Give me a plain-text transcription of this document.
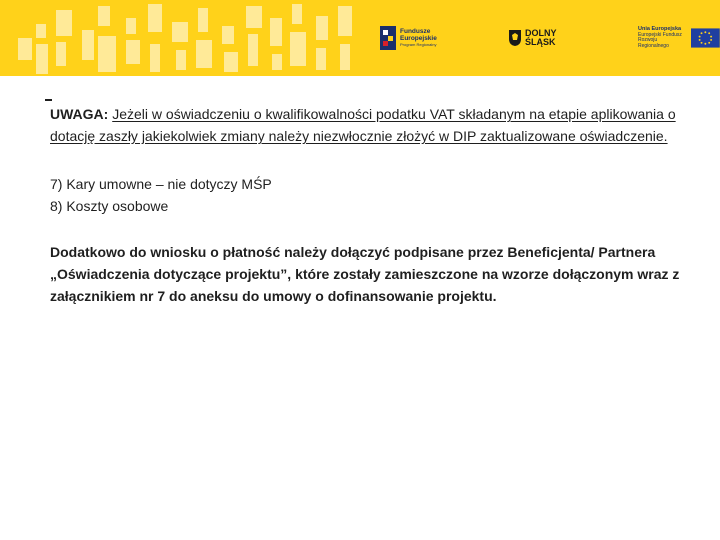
Fundusze
Europejskie
Program Regionalny
DOLNY
ŚLĄSK
Unia Europejska
Europejski Fundusz
Rozwoju Regionalnego

UWAGA: Jeżeli w oświadczeniu o kwalifikowalności podatku VAT składanym na etapie aplikowania o dotację zaszły jakiekolwiek zmiany należy niezwłocznie złożyć w DIP zaktualizowane oświadczenie.

7) Kary umowne – nie dotyczy MŚP
8) Koszty osobowe

Dodatkowo do wniosku o płatność należy dołączyć podpisane przez Beneficjenta/ Partnera „Oświadczenia dotyczące projektu”, które zostały zamieszczone na wzorze dołączonym wraz z załącznikiem nr 7 do aneksu do umowy o dofinansowanie projektu.
